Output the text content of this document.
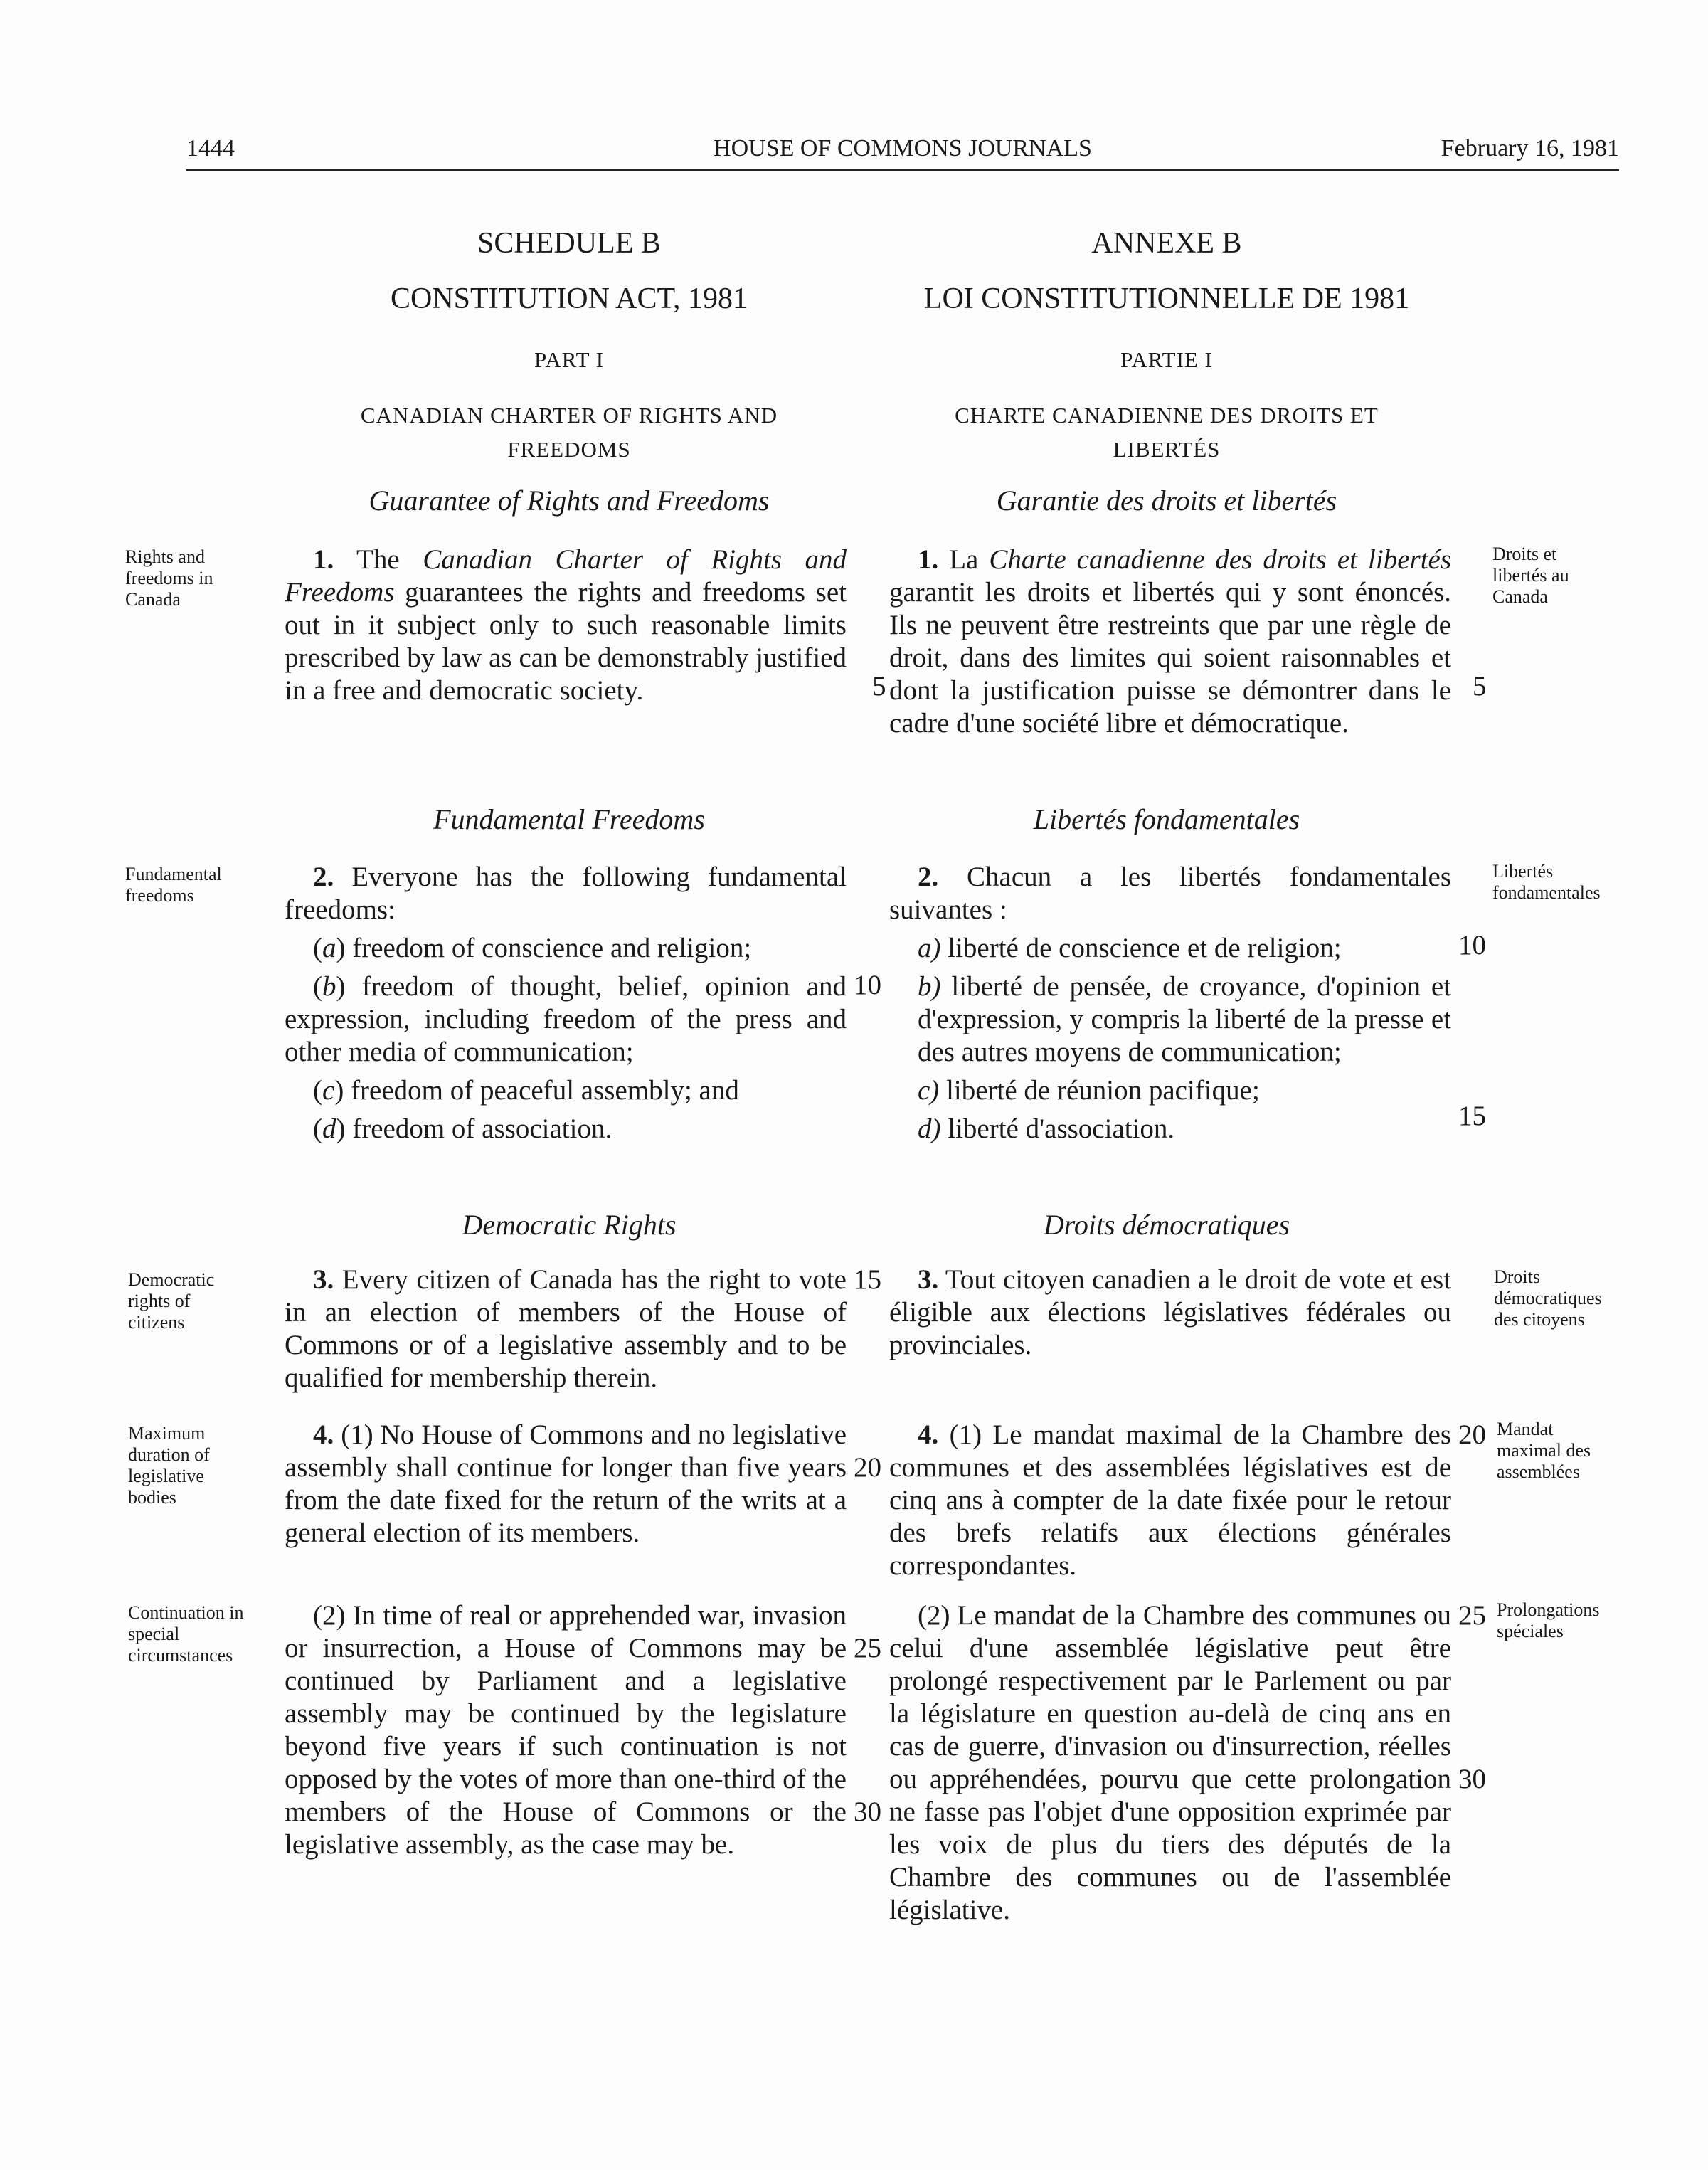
1444	HOUSE OF COMMONS JOURNALS	February 16, 1981
SCHEDULE B
CONSTITUTION ACT, 1981
PART I
CANADIAN CHARTER OF RIGHTS AND
FREEDOMS
ANNEXE B
LOI CONSTITUTIONNELLE DE 1981
PARTIE I
CHARTE CANADIENNE DES DROITS ET
LIBERTÉS
Guarantee of Rights and Freedoms	Garantie des droits et libertés
Rights and
freedoms in
Canada

1. The Canadian Charter of Rights and Freedoms guarantees the rights and freedoms set out in it subject only to such reasonable limits prescribed by law as can be demonstrably justified in a free and democratic society.

1. La Charte canadienne des droits et libertés garantit les droits et libertés qui y sont énoncés. Ils ne peuvent être restreints que par une règle de droit, dans des limites qui soient raisonnables et dont la justification puisse se démontrer dans le cadre d'une société libre et démocratique.

Droits et
libertés au
Canada
5	5
Fundamental Freedoms	Libertés fondamentales
Fundamental
freedoms

2. Everyone has the following fundamental freedoms:

(a) freedom of conscience and religion;

(b) freedom of thought, belief, opinion and expression, including freedom of the press and other media of communication;

(c) freedom of peaceful assembly; and

(d) freedom of association.

2. Chacun a les libertés fondamentales suivantes :

a) liberté de conscience et de religion;

b) liberté de pensée, de croyance, d'opinion et d'expression, y compris la liberté de la presse et des autres moyens de communication;

c) liberté de réunion pacifique;

d) liberté d'association.

Libertés
fondamentales
10
10
15
Democratic Rights	Droits démocratiques
Democratic
rights of
citizens

3. Every citizen of Canada has the right to vote in an election of members of the House of Commons or of a legislative assembly and to be qualified for membership therein.

15	3. Tout citoyen canadien a le droit de vote et est éligible aux élections législatives fédérales ou provinciales.

Droits
démocratiques
des citoyens
Maximum
duration of
legislative
bodies

4. (1) No House of Commons and no legislative assembly shall continue for longer than five years from the date fixed for the return of the writs at a general election of its members.

20

4. (1) Le mandat maximal de la Chambre des communes et des assemblées législatives est de cinq ans à compter de la date fixée pour le retour des brefs relatifs aux élections générales correspondantes.

20 Mandat
maximal des
assemblées
Continuation in
special
circumstances

(2) In time of real or apprehended war, invasion or insurrection, a House of Commons may be continued by Parliament and a legislative assembly may be continued by the legislature beyond five years if such continuation is not opposed by the votes of more than one-third of the members of the House of Commons or the legislative assembly, as the case may be.

25
30

(2) Le mandat de la Chambre des communes ou celui d'une assemblée législative peut être prolongé respectivement par le Parlement ou par la législature en question au-delà de cinq ans en cas de guerre, d'invasion ou d'insurrection, réelles ou appréhendées, pourvu que cette prolongation ne fasse pas l'objet d'une opposition exprimée par les voix de plus du tiers des députés de la Chambre des communes ou de l'assemblée législative.

25
30
Prolongations
spéciales
